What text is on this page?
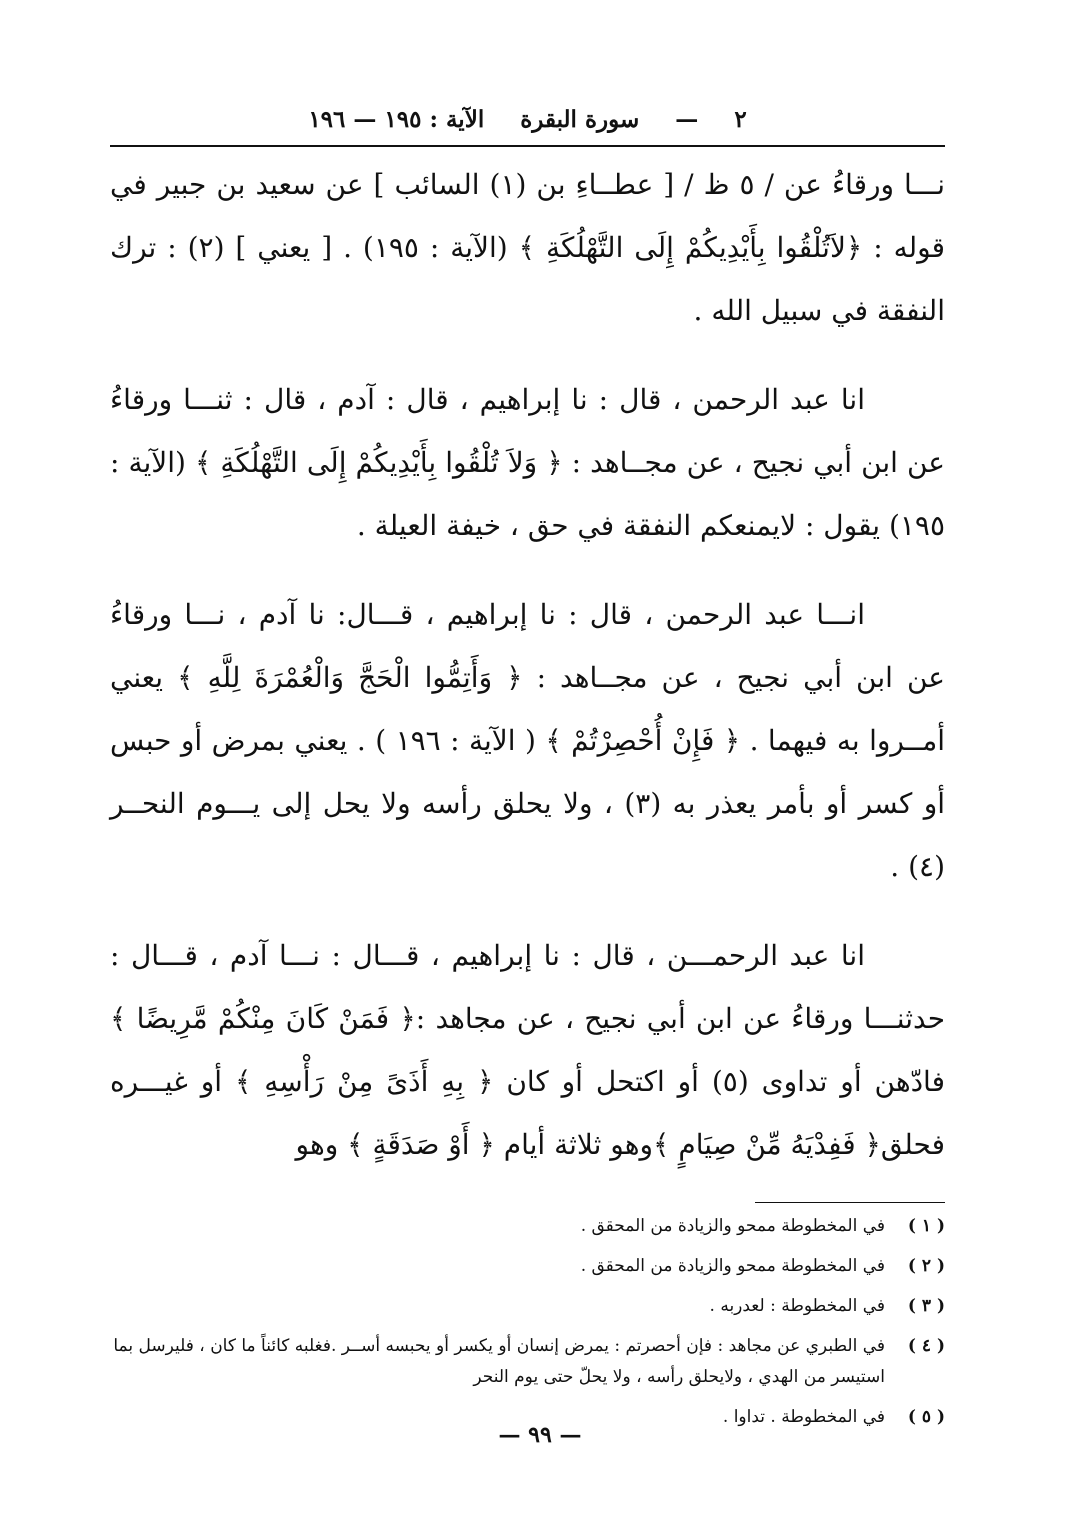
٢ — سورة البقرة الآية : ١٩٥ — ١٩٦

نـــا ورقاءُ عن / ٥ ظ / [ عطــاءِ بن (١) السائب ] عن سعيد بن جبير في قوله : ﴿لاَتُلْقُوا بِأَيْدِيكُمْ إِلَى التَّهْلُكَةِ ﴾ (الآية : ١٩٥) . [ يعني ] (٢) : ترك النفقة في سبيل الله .

انا عبد الرحمن ، قال : نا إبراهيم ، قال : آدم ، قال : ثنـــا ورقاءُ عن ابن أبي نجيح ، عن مجــاهد : ﴿ وَلاَ تُلْقُوا بِأَيْدِيكُمْ إِلَى التَّهْلُكَةِ ﴾ (الآية : ١٩٥) يقول : لايمنعكم النفقة في حق ، خيفة العيلة .

انـــا عبد الرحمن ، قال : نا إبراهيم ، قـــال: نا آدم ، نـــا ورقاءُ عن ابن أبي نجيح ، عن مجــاهد : ﴿ وَأَتِمُّوا الْحَجَّ وَالْعُمْرَةَ لِلَّهِ ﴾ يعني أمــروا به فيهما . ﴿ فَإِنْ أُحْصِرْتُمْ ﴾ ( الآية : ١٩٦ ) . يعني بمرض أو حبس أو كسر أو بأمر يعذر به (٣) ، ولا يحلق رأسه ولا يحل إلى يـــوم النحــر (٤) .

انا عبد الرحمـــن ، قال : نا إبراهيم ، قـــال : نـــا آدم ، قـــال : حدثنـــا ورقاءُ عن ابن أبي نجيح ، عن مجاهد :﴿ فَمَنْ كَانَ مِنْكُمْ مَّرِيضًا ﴾ فادّهن أو تداوى (٥) أو اكتحل أو كان ﴿ بِهِ أَذَىً مِنْ رَأْسِهِ ﴾ أو غيـــره فحلق﴿ فَفِدْيَهُ مِّنْ صِيَامٍ ﴾وهو ثلاثة أيام ﴿ أَوْ صَدَقَةٍ ﴾ وهو

( ١ )
في المخطوطة ممحو والزيادة من المحقق .
( ٢ )
في المخطوطة ممحو والزيادة من المحقق .
( ٣ )
في المخطوطة : لعدربه .
( ٤ )
في الطبري عن مجاهد : فإن أحصرتم : يمرض إنسان أو يكسر أو يحبسه أســر .فغلبه كائناً ما كان ، فليرسل بما استيسر من الهدي ، ولايحلق رأسه ، ولا يحلّ حتى يوم النحر
( ٥ )
في المخطوطة . تداوا .
— ٩٩ —
